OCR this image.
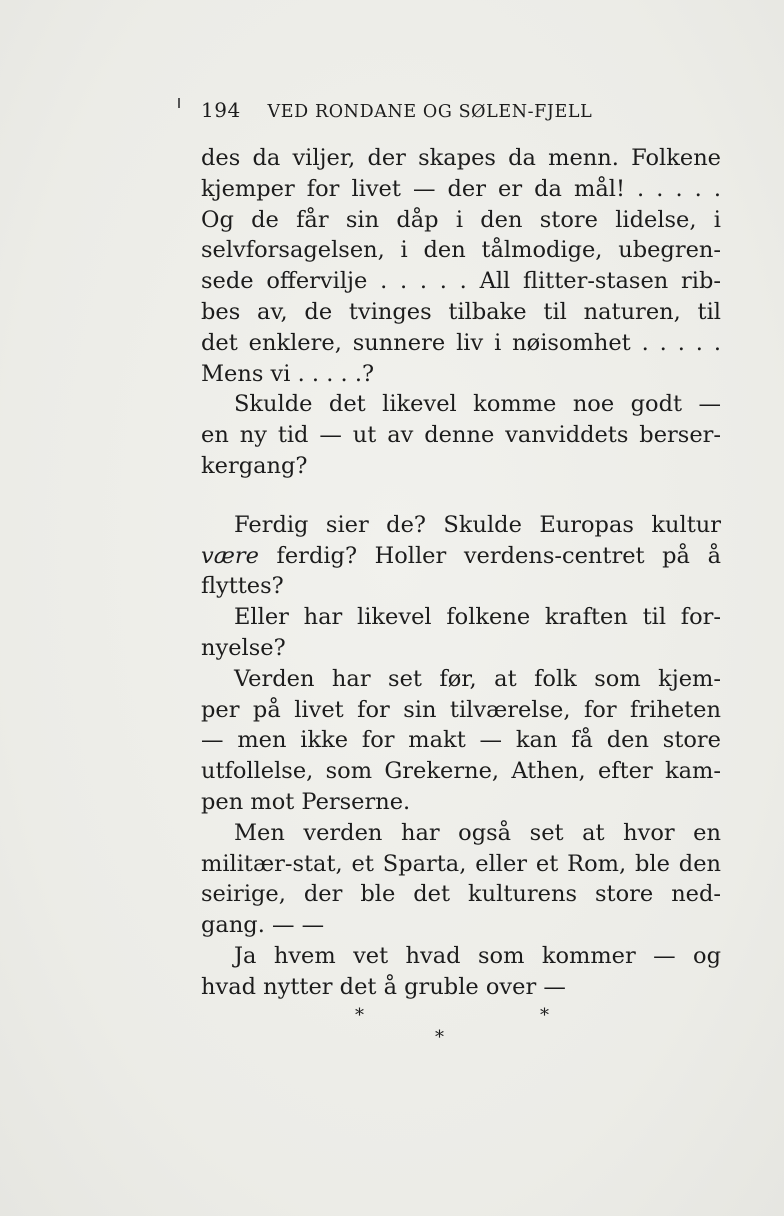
194 VED RONDANE OG SØLEN-FJELL
des da viljer, der skapes da menn. Folkene
kjemper for livet — der er da mål! . . . . .
Og de får sin dåp i den store lidelse, i
selvforsagelsen, i den tålmodige, ubegren-
sede offervilje . . . . . All flitter-stasen rib-
bes av, de tvinges tilbake til naturen, til
det enklere, sunnere liv i nøisomhet . . . . .
Mens vi . . . . .?
Skulde det likevel komme noe godt —
en ny tid — ut av denne vanviddets berser-
kergang?
Ferdig sier de? Skulde Europas kultur
være ferdig? Holler verdens-centret på å
flyttes?
Eller har likevel folkene kraften til for-
nyelse?
Verden har set før, at folk som kjem-
per på livet for sin tilværelse, for friheten
— men ikke for makt — kan få den store
utfollelse, som Grekerne, Athen, efter kam-
pen mot Perserne.
Men verden har også set at hvor en
militær-stat, et Sparta, eller et Rom, ble den
seirige, der ble det kulturens store ned-
gang. — —
Ja hvem vet hvad som kommer — og
hvad nytter det å gruble over —
*	*
*
